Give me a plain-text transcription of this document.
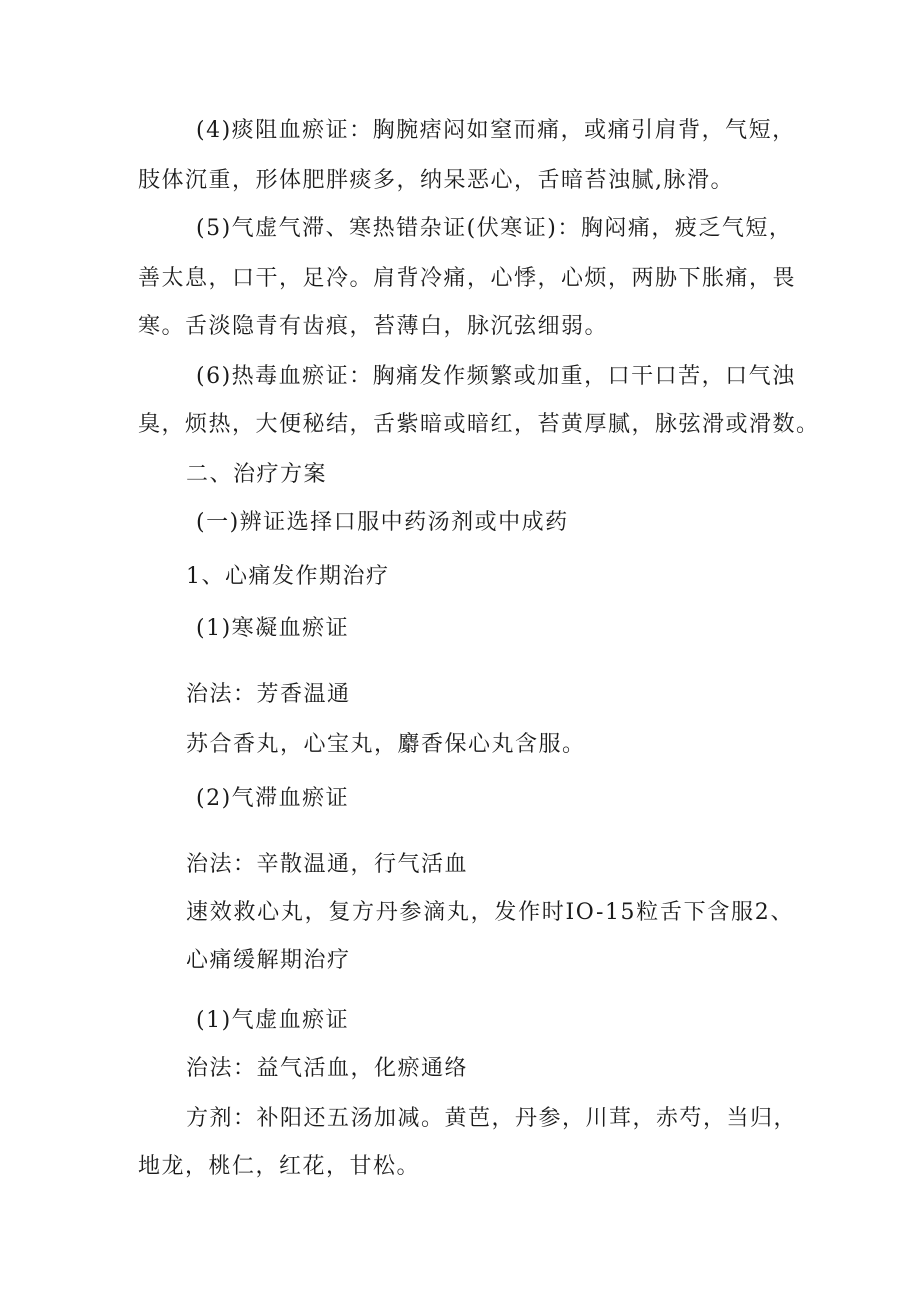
(4)痰阻血瘀证：胸腕痞闷如窒而痛，或痛引肩背，气短，
肢体沉重，形体肥胖痰多，纳呆恶心，舌暗苔浊腻,脉滑。
(5)气虚气滞、寒热错杂证(伏寒证)：胸闷痛，疲乏气短，
善太息，口干，足冷。肩背冷痛，心悸，心烦，两胁下胀痛，畏
寒。舌淡隐青有齿痕，苔薄白，脉沉弦细弱。
(6)热毒血瘀证：胸痛发作频繁或加重，口干口苦，口气浊
臭，烦热，大便秘结，舌紫暗或暗红，苔黄厚腻，脉弦滑或滑数。
二、治疗方案
(一)辨证选择口服中药汤剂或中成药
1、心痛发作期治疗
(1)寒凝血瘀证
治法：芳香温通
苏合香丸，心宝丸，麝香保心丸含服。
(2)气滞血瘀证
治法：辛散温通，行气活血
速效救心丸，复方丹参滴丸，发作时IO-15粒舌下含服2、
心痛缓解期治疗
(1)气虚血瘀证
治法：益气活血，化瘀通络
方剂：补阳还五汤加减。黄芭，丹参，川茸，赤芍，当归，
地龙，桃仁，红花，甘松。
